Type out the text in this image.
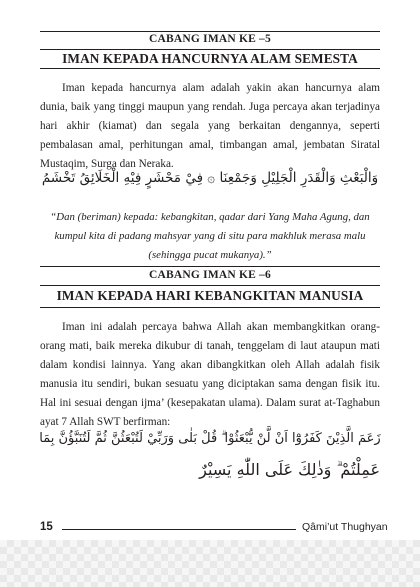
CABANG IMAN KE –5
IMAN KEPADA HANCURNYA ALAM SEMESTA

Iman kepada hancurnya alam adalah yakin akan hancurnya alam dunia, baik yang tinggi maupun yang rendah. Juga percaya akan terjadinya hari akhir (kiamat) dan segala yang berkaitan dengannya, seperti pembalasan amal, perhitungan amal, timbangan amal, jembatan Siratal Mustaqim, Surga dan Neraka.

وَالْبَعْثِ وَالْقَدَرِ الْجَلِيْلِ وَجَمْعِنَا ۞ فِيْ مَحْشَرٍ فِيْهِ الْخَلَائِقُ تَخْشَمُ

“Dan (beriman) kepada: kebangkitan, qadar dari Yang Maha Agung, dan kumpul kita di padang mahsyar yang di situ para makhluk merasa malu (sehingga pucat mukanya).”

CABANG IMAN KE –6
IMAN KEPADA HARI KEBANGKITAN MANUSIA

Iman ini adalah percaya bahwa Allah akan membangkitkan orang-orang mati, baik mereka dikubur di tanah, tenggelam di laut ataupun mati dalam kondisi lainnya. Yang akan dibangkitkan oleh Allah adalah fisik manusia itu sendiri, bukan sesuatu yang diciptakan sama dengan fisik itu. Hal ini sesuai dengan ijma’ (kesepakatan ulama). Dalam surat at-Taghabun ayat 7 Allah SWT berfirman:

زَعَمَ الَّذِيْنَ كَفَرُوْٓا اَنْ لَّنْ يُّبْعَثُوْا ۗ قُلْ بَلٰى وَرَبِّيْ لَتُبْعَثُنَّ ثُمَّ لَتُنَبَّؤُنَّ بِمَا
عَمِلْتُمْ ۗ وَذٰلِكَ عَلَى اللّٰهِ يَسِيْرٌ
15	Qâmi’ut Thughyan
